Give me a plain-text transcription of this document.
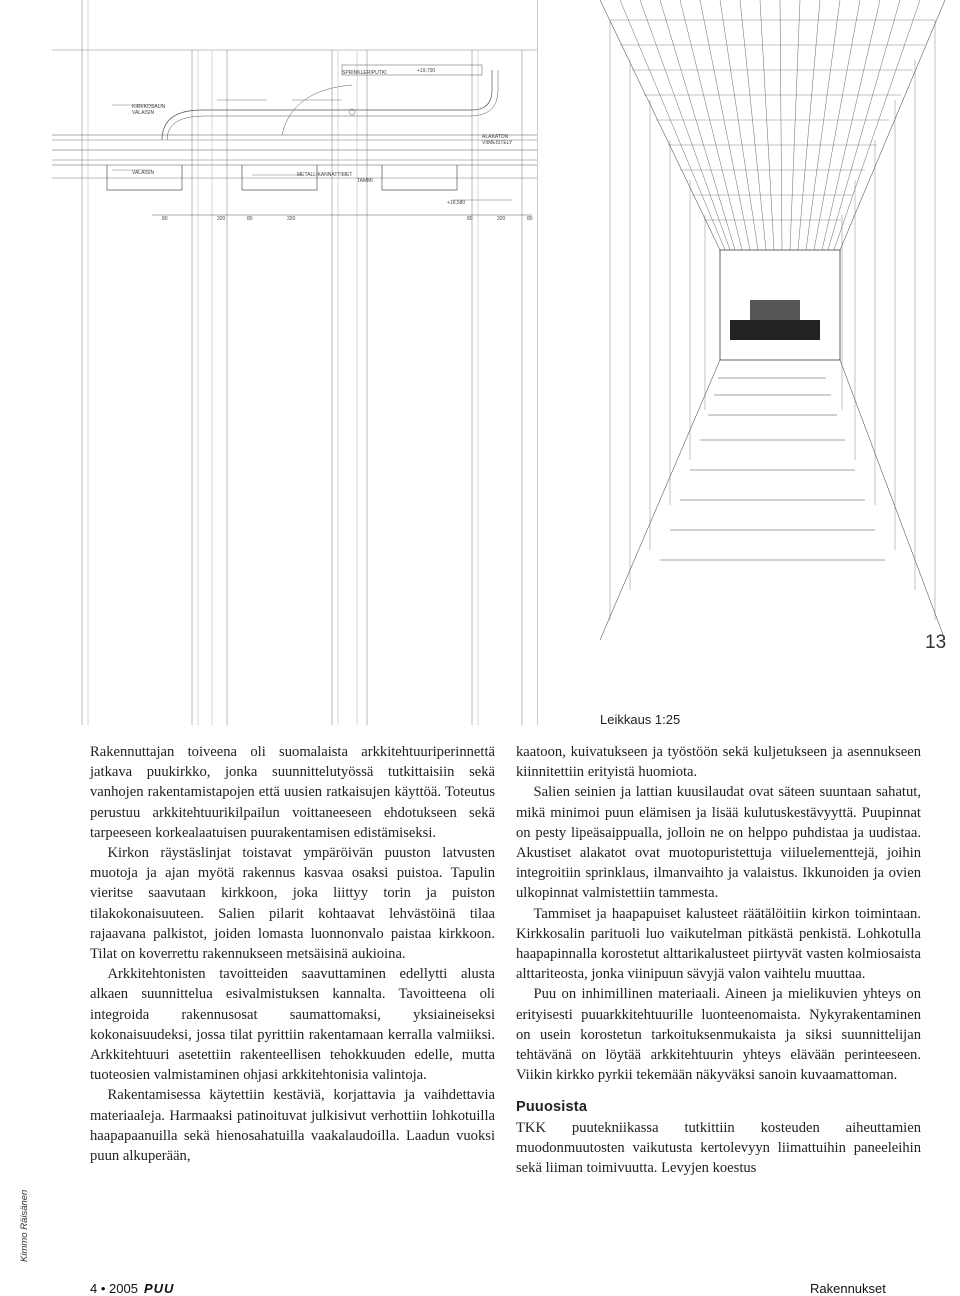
80	320	80	320	80	320	80
+19,700
+18,580
SPRINKLERIPUTKI
KIRKKOSALIN VALAISIN
ALAKATON VIIMEISTELY
METALLIKANNATTIMET
TAMMI
VALAISIN
13
Leikkaus 1:25

Rakennuttajan toiveena oli suomalaista arkkitehtuuriperinnettä jatkava puukirkko, jonka suunnittelutyössä tutkittaisiin sekä vanhojen rakentamistapojen että uusien ratkaisujen käyttöä. Toteutus perustuu arkkitehtuurikilpailun voittaneeseen ehdotukseen sekä tarpeeseen korkealaatuisen puurakentamisen edistämiseksi.

Kirkon räystäslinjat toistavat ympäröivän puuston latvusten muotoja ja ajan myötä rakennus kasvaa osaksi puistoa. Tapulin vieritse saavutaan kirkkoon, joka liittyy torin ja puiston tilakokonaisuuteen. Salien pilarit kohtaavat lehvästöinä tilaa rajaavana palkistot, joiden lomasta luonnonvalo paistaa kirkkoon. Tilat on koverrettu rakennukseen metsäisinä aukioina.

Arkkitehtonisten tavoitteiden saavuttaminen edellytti alusta alkaen suunnittelua esivalmistuksen kannalta. Tavoitteena oli integroida rakennusosat saumattomaksi, yksiaineiseksi kokonaisuudeksi, jossa tilat pyrittiin rakentamaan kerralla valmiiksi. Arkkitehtuuri asetettiin rakenteellisen tehokkuuden edelle, mutta tuoteosien valmistaminen ohjasi arkkitehtonisia valintoja.

Rakentamisessa käytettiin kestäviä, korjattavia ja vaihdettavia materiaaleja. Harmaaksi patinoituvat julkisivut verhottiin lohkotuilla haapapaanuilla sekä hienosahatuilla vaakalaudoilla. Laadun vuoksi puun alkuperään,

kaatoon, kuivatukseen ja työstöön sekä kuljetukseen ja asennukseen kiinnitettiin erityistä huomiota.

Salien seinien ja lattian kuusilaudat ovat säteen suuntaan sahatut, mikä minimoi puun elämisen ja lisää kulutuskestävyyttä. Puupinnat on pesty lipeäsaippualla, jolloin ne on helppo puhdistaa ja uudistaa. Akustiset alakatot ovat muotopuristettuja viiluelementtejä, joihin integroitiin sprinklaus, ilmanvaihto ja valaistus. Ikkunoiden ja ovien ulkopinnat valmistettiin tammesta.

Tammiset ja haapapuiset kalusteet räätälöitiin kirkon toimintaan. Kirkkosalin parituoli luo vaikutelman pitkästä penkistä. Lohkotulla haapapinnalla korostetut alttarikalusteet piirtyvät vasten kolmiosaista alttariteosta, jonka viinipuun sävyjä valon vaihtelu muuttaa.

Puu on inhimillinen materiaali. Aineen ja mielikuvien yhteys on erityisesti puuarkkitehtuurille luonteenomaista. Nykyrakentaminen on usein korostetun tarkoituksenmukaista ja siksi suunnittelijan tehtävänä on löytää arkkitehtuurin yhteys elävään perinteeseen. Viikin kirkko pyrkii tekemään näkyväksi sanoin kuvaamattoman.

Puuosista

TKK puutekniikassa tutkittiin kosteuden aiheuttamien muodonmuutosten vaikutusta kertolevyyn liimattuihin paneeleihin sekä liiman toimivuutta. Levyjen koestus

Kimmo Räisänen
4 • 2005 PUU	Rakennukset
